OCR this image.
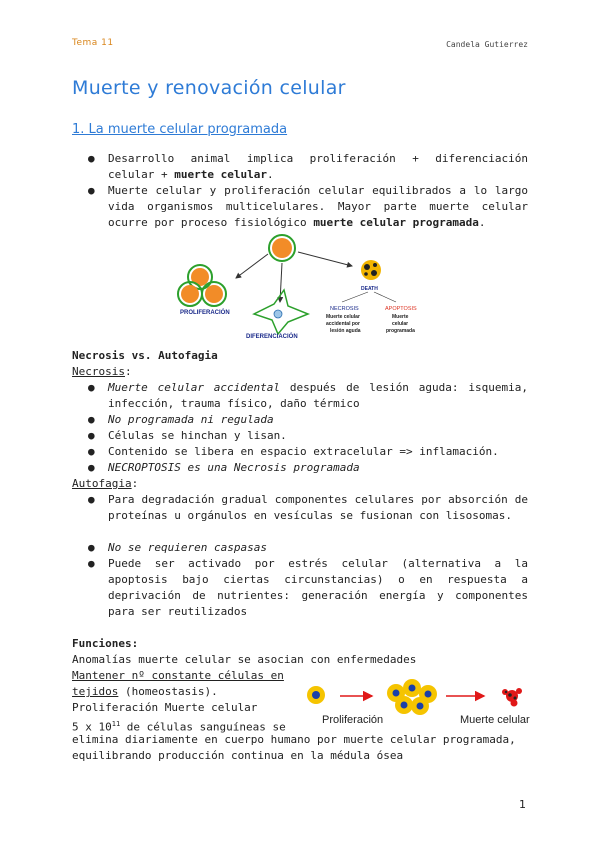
Tema 11	Candela Gutierrez
Muerte y renovación celular
1. La muerte celular programada
● Desarrollo animal implica proliferación + diferenciación celular + muerte celular.
● Muerte celular y proliferación celular equilibrados a lo largo vida organismos multicelulares. Mayor parte muerte celular ocurre por proceso fisiológico muerte celular programada.
PROLIFERACIÓN
DIFERENCIACIÓN
DEATH
NECROSIS
Muerte celular
accidental por
lesión aguda
APOPTOSIS
Muerte
celular
programada
Necrosis vs. Autofagia
Necrosis:
● Muerte celular accidental después de lesión aguda: isquemia, infección, trauma físico, daño térmico
● No programada ni regulada
● Células se hinchan y lisan.
● Contenido se libera en espacio extracelular => inflamación.
● NECROPTOSIS es una Necrosis programada
Autofagia:
● Para degradación gradual componentes celulares por absorción de proteínas u orgánulos en vesículas se fusionan con lisosomas.
● No se requieren caspasas
● Puede ser activado por estrés celular (alternativa a la apoptosis bajo ciertas circunstancias) o en respuesta a deprivación de nutrientes: generación energía y componentes para ser reutilizados
Funciones:
Anomalías muerte celular se asocian con enfermedades
Mantener nº constante células en
tejidos (homeostasis).
Proliferación Muerte celular
5 x $10^{11}$ de células sanguíneas se
elimina diariamente en cuerpo humano por muerte celular programada,
equilibrando producción continua en la médula ósea
Proliferación	Muerte celular
1
